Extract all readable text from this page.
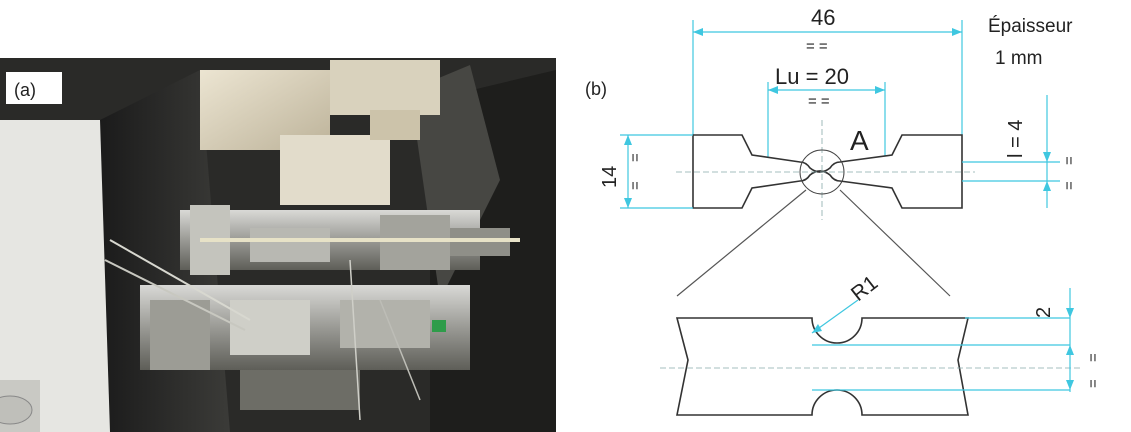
(a)	(b)
46
= =
Lu = 20
= =
Épaisseur
1 mm
A
14
=
=
l = 4
=
=
R1
2
=
=
